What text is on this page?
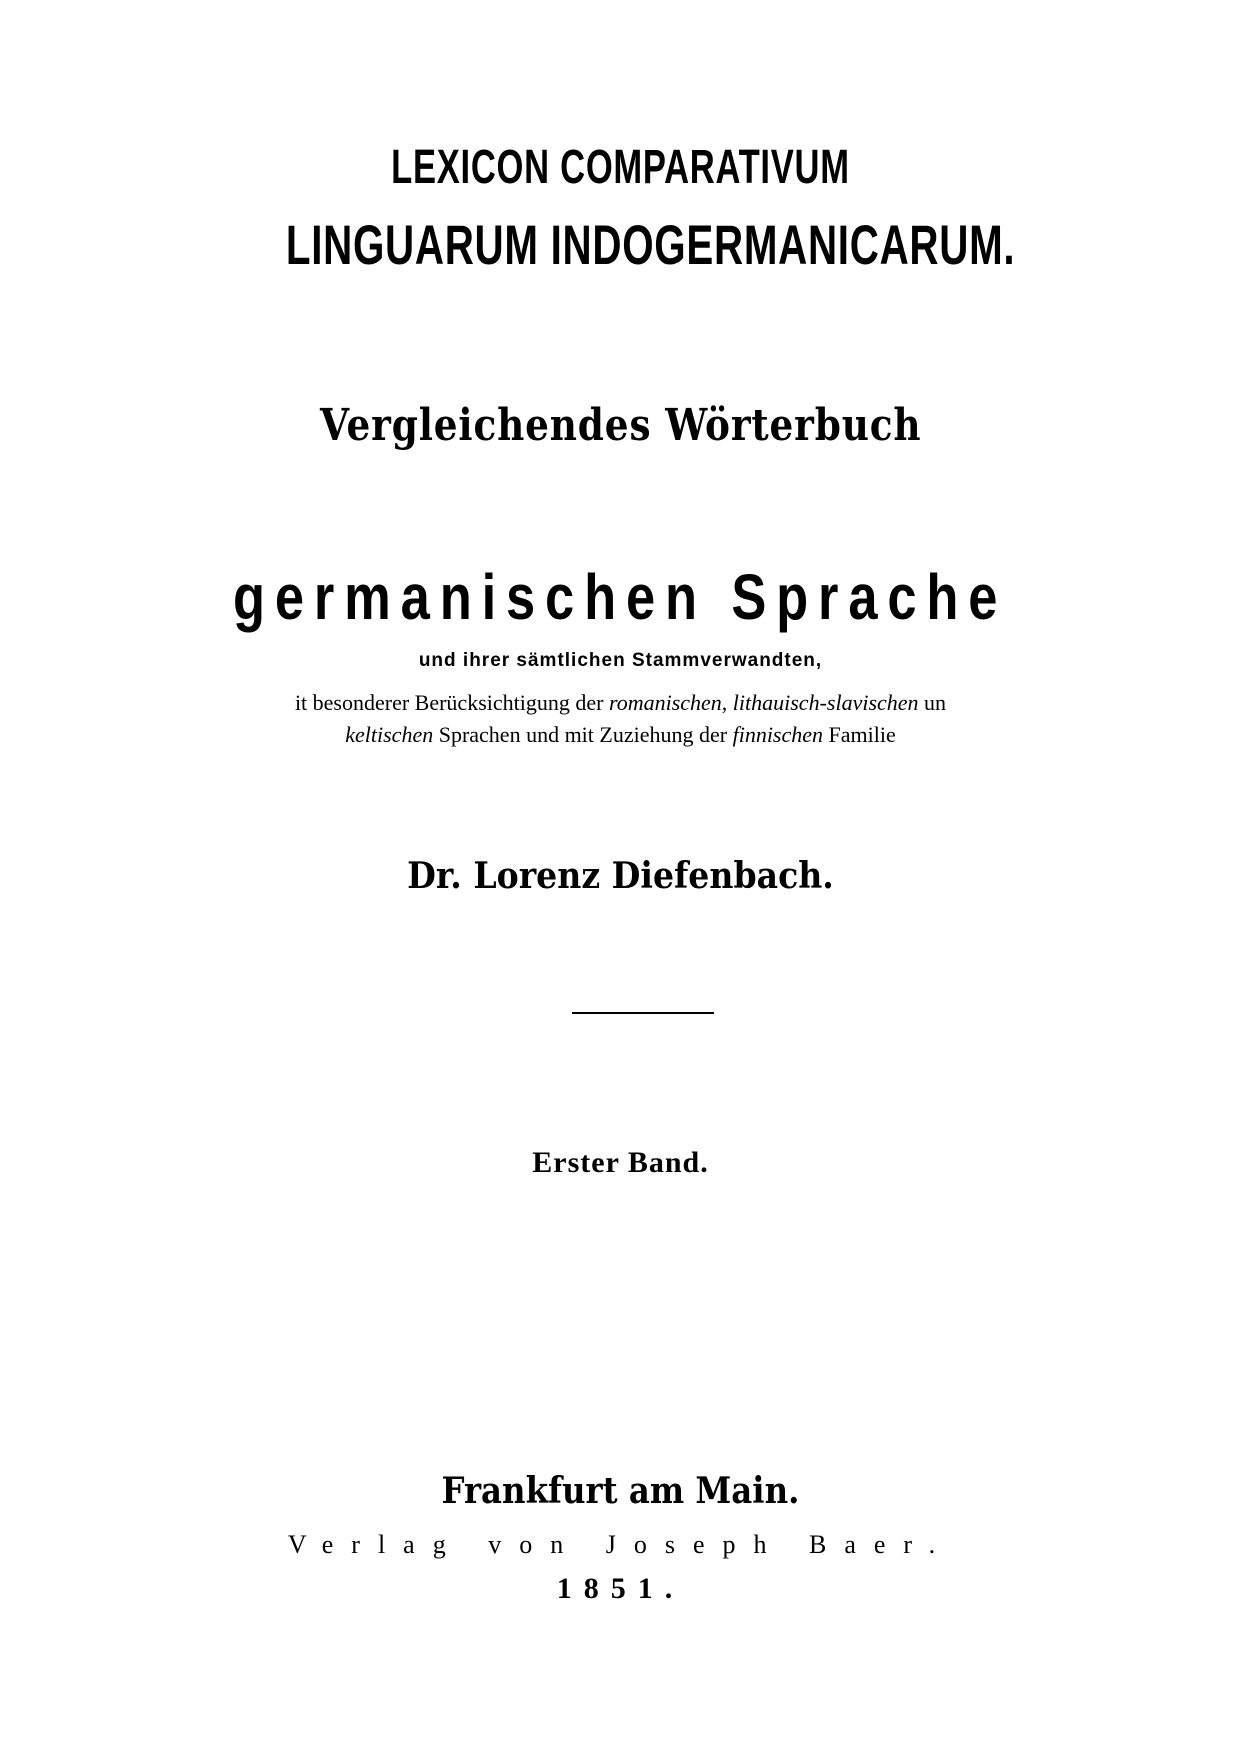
LEXICON COMPARATIVUM
LINGUARUM INDOGERMANICARUM.
Vergleichendes Wörterbuch
germanischen Sprache
und ihrer sämtlichen Stammverwandten,
it besonderer Berücksichtigung der romanischen, lithauisch-slavischen un
keltischen Sprachen und mit Zuziehung der finnischen Familie
Dr. Lorenz Diefenbach.
Erster Band.
Frankfurt am Main.
Verlag von Joseph Baer.
1851.
